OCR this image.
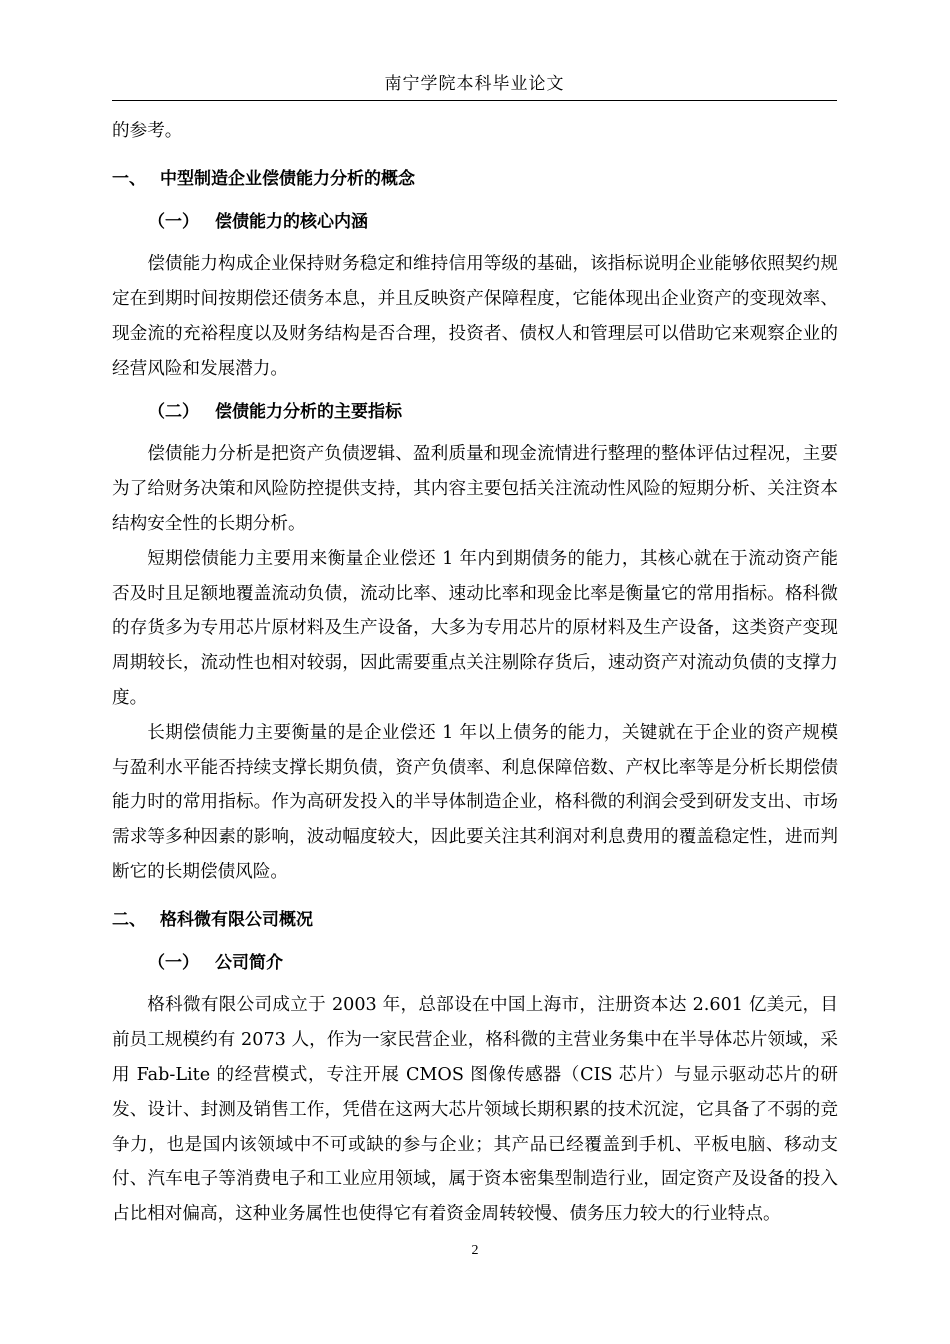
南宁学院本科毕业论文

的参考。

一、 中型制造企业偿债能力分析的概念
（一） 偿债能力的核心内涵

偿债能力构成企业保持财务稳定和维持信用等级的基础，该指标说明企业能够依照契约规定在到期时间按期偿还债务本息，并且反映资产保障程度，它能体现出企业资产的变现效率、现金流的充裕程度以及财务结构是否合理，投资者、债权人和管理层可以借助它来观察企业的经营风险和发展潜力。

（二） 偿债能力分析的主要指标

偿债能力分析是把资产负债逻辑、盈利质量和现金流情进行整理的整体评估过程况，主要为了给财务决策和风险防控提供支持，其内容主要包括关注流动性风险的短期分析、关注资本结构安全性的长期分析。

短期偿债能力主要用来衡量企业偿还 1 年内到期债务的能力，其核心就在于流动资产能否及时且足额地覆盖流动负债，流动比率、速动比率和现金比率是衡量它的常用指标。格科微的存货多为专用芯片原材料及生产设备，大多为专用芯片的原材料及生产设备，这类资产变现周期较长，流动性也相对较弱，因此需要重点关注剔除存货后，速动资产对流动负债的支撑力度。

长期偿债能力主要衡量的是企业偿还 1 年以上债务的能力，关键就在于企业的资产规模与盈利水平能否持续支撑长期负债，资产负债率、利息保障倍数、产权比率等是分析长期偿债能力时的常用指标。作为高研发投入的半导体制造企业，格科微的利润会受到研发支出、市场需求等多种因素的影响，波动幅度较大，因此要关注其利润对利息费用的覆盖稳定性，进而判断它的长期偿债风险。

二、 格科微有限公司概况
（一） 公司简介

格科微有限公司成立于 2003 年，总部设在中国上海市，注册资本达 2.601 亿美元，目前员工规模约有 2073 人，作为一家民营企业，格科微的主营业务集中在半导体芯片领域，采用 Fab-Lite 的经营模式，专注开展 CMOS 图像传感器（CIS 芯片）与显示驱动芯片的研发、设计、封测及销售工作，凭借在这两大芯片领域长期积累的技术沉淀，它具备了不弱的竞争力，也是国内该领域中不可或缺的参与企业；其产品已经覆盖到手机、平板电脑、移动支付、汽车电子等消费电子和工业应用领域，属于资本密集型制造行业，固定资产及设备的投入占比相对偏高，这种业务属性也使得它有着资金周转较慢、债务压力较大的行业特点。

2
